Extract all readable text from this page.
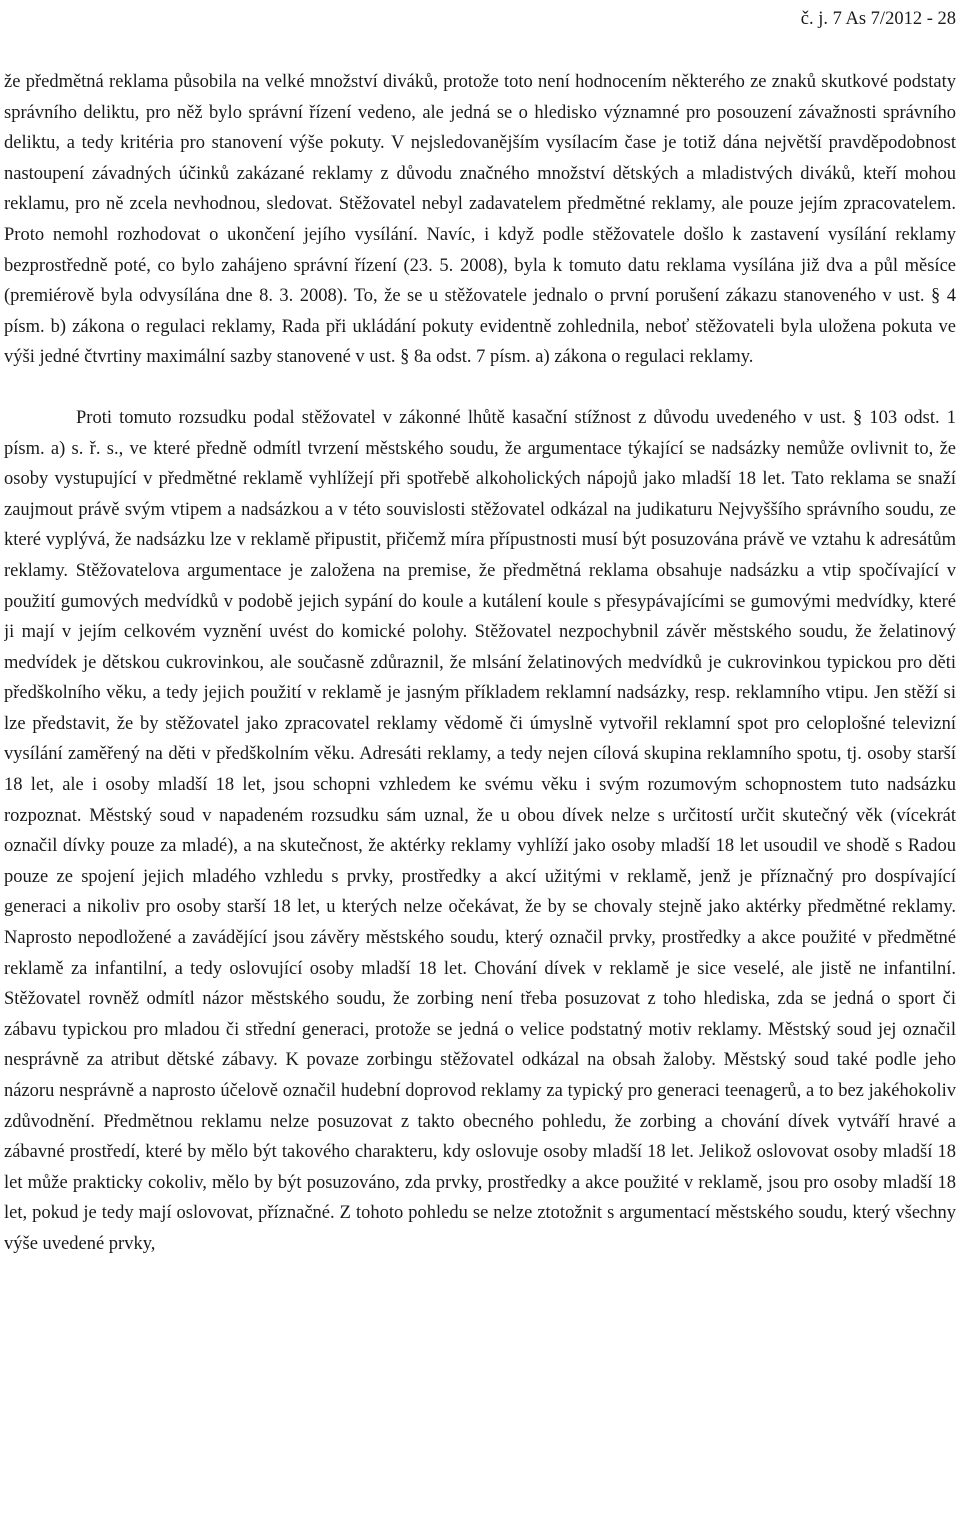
č. j. 7 As 7/2012 - 28

že předmětná reklama působila na velké množství diváků, protože toto není hodnocením některého ze znaků skutkové podstaty správního deliktu, pro něž bylo správní řízení vedeno, ale jedná se o hledisko významné pro posouzení závažnosti správního deliktu, a tedy kritéria pro stanovení výše pokuty. V nejsledovanějším vysílacím čase je totiž dána největší pravděpodobnost nastoupení závadných účinků zakázané reklamy z důvodu značného množství dětských a mladistvých diváků, kteří mohou reklamu, pro ně zcela nevhodnou, sledovat. Stěžovatel nebyl zadavatelem předmětné reklamy, ale pouze jejím zpracovatelem. Proto nemohl rozhodovat o ukončení jejího vysílání. Navíc, i když podle stěžovatele došlo k zastavení vysílání reklamy bezprostředně poté, co bylo zahájeno správní řízení (23. 5. 2008), byla k tomuto datu reklama vysílána již dva a půl měsíce (premiérově byla odvysílána dne 8. 3. 2008). To, že se u stěžovatele jednalo o první porušení zákazu stanoveného v ust. § 4 písm. b) zákona o regulaci reklamy, Rada při ukládání pokuty evidentně zohlednila, neboť stěžovateli byla uložena pokuta ve výši jedné čtvrtiny maximální sazby stanovené v ust. § 8a odst. 7 písm. a) zákona o regulaci reklamy.

Proti tomuto rozsudku podal stěžovatel v zákonné lhůtě kasační stížnost z důvodu uvedeného v ust. § 103 odst. 1 písm. a) s. ř. s., ve které předně odmítl tvrzení městského soudu, že argumentace týkající se nadsázky nemůže ovlivnit to, že osoby vystupující v předmětné reklamě vyhlížejí při spotřebě alkoholických nápojů jako mladší 18 let. Tato reklama se snaží zaujmout právě svým vtipem a nadsázkou a v této souvislosti stěžovatel odkázal na judikaturu Nejvyššího správního soudu, ze které vyplývá, že nadsázku lze v reklamě připustit, přičemž míra přípustnosti musí být posuzována právě ve vztahu k adresátům reklamy. Stěžovatelova argumentace je založena na premise, že předmětná reklama obsahuje nadsázku a vtip spočívající v použití gumových medvídků v podobě jejich sypání do koule a kutálení koule s přesypávajícími se gumovými medvídky, které ji mají v jejím celkovém vyznění uvést do komické polohy. Stěžovatel nezpochybnil závěr městského soudu, že želatinový medvídek je dětskou cukrovinkou, ale současně zdůraznil, že mlsání želatinových medvídků je cukrovinkou typickou pro děti předškolního věku, a tedy jejich použití v reklamě je jasným příkladem reklamní nadsázky, resp. reklamního vtipu. Jen stěží si lze představit, že by stěžovatel jako zpracovatel reklamy vědomě či úmyslně vytvořil reklamní spot pro celoplošné televizní vysílání zaměřený na děti v předškolním věku. Adresáti reklamy, a tedy nejen cílová skupina reklamního spotu, tj. osoby starší 18 let, ale i osoby mladší 18 let, jsou schopni vzhledem ke svému věku i svým rozumovým schopnostem tuto nadsázku rozpoznat. Městský soud v napadeném rozsudku sám uznal, že u obou dívek nelze s určitostí určit skutečný věk (vícekrát označil dívky pouze za mladé), a na skutečnost, že aktérky reklamy vyhlíží jako osoby mladší 18 let usoudil ve shodě s Radou pouze ze spojení jejich mladého vzhledu s prvky, prostředky a akcí užitými v reklamě, jenž je příznačný pro dospívající generaci a nikoliv pro osoby starší 18 let, u kterých nelze očekávat, že by se chovaly stejně jako aktérky předmětné reklamy. Naprosto nepodložené a zavádějící jsou závěry městského soudu, který označil prvky, prostředky a akce použité v předmětné reklamě za infantilní, a tedy oslovující osoby mladší 18 let. Chování dívek v reklamě je sice veselé, ale jistě ne infantilní. Stěžovatel rovněž odmítl názor městského soudu, že zorbing není třeba posuzovat z toho hlediska, zda se jedná o sport či zábavu typickou pro mladou či střední generaci, protože se jedná o velice podstatný motiv reklamy. Městský soud jej označil nesprávně za atribut dětské zábavy. K povaze zorbingu stěžovatel odkázal na obsah žaloby. Městský soud také podle jeho názoru nesprávně a naprosto účelově označil hudební doprovod reklamy za typický pro generaci teenagerů, a to bez jakéhokoliv zdůvodnění. Předmětnou reklamu nelze posuzovat z takto obecného pohledu, že zorbing a chování dívek vytváří hravé a zábavné prostředí, které by mělo být takového charakteru, kdy oslovuje osoby mladší 18 let. Jelikož oslovovat osoby mladší 18 let může prakticky cokoliv, mělo by být posuzováno, zda prvky, prostředky a akce použité v reklamě, jsou pro osoby mladší 18 let, pokud je tedy mají oslovovat, příznačné. Z tohoto pohledu se nelze ztotožnit s argumentací městského soudu, který všechny výše uvedené prvky,
